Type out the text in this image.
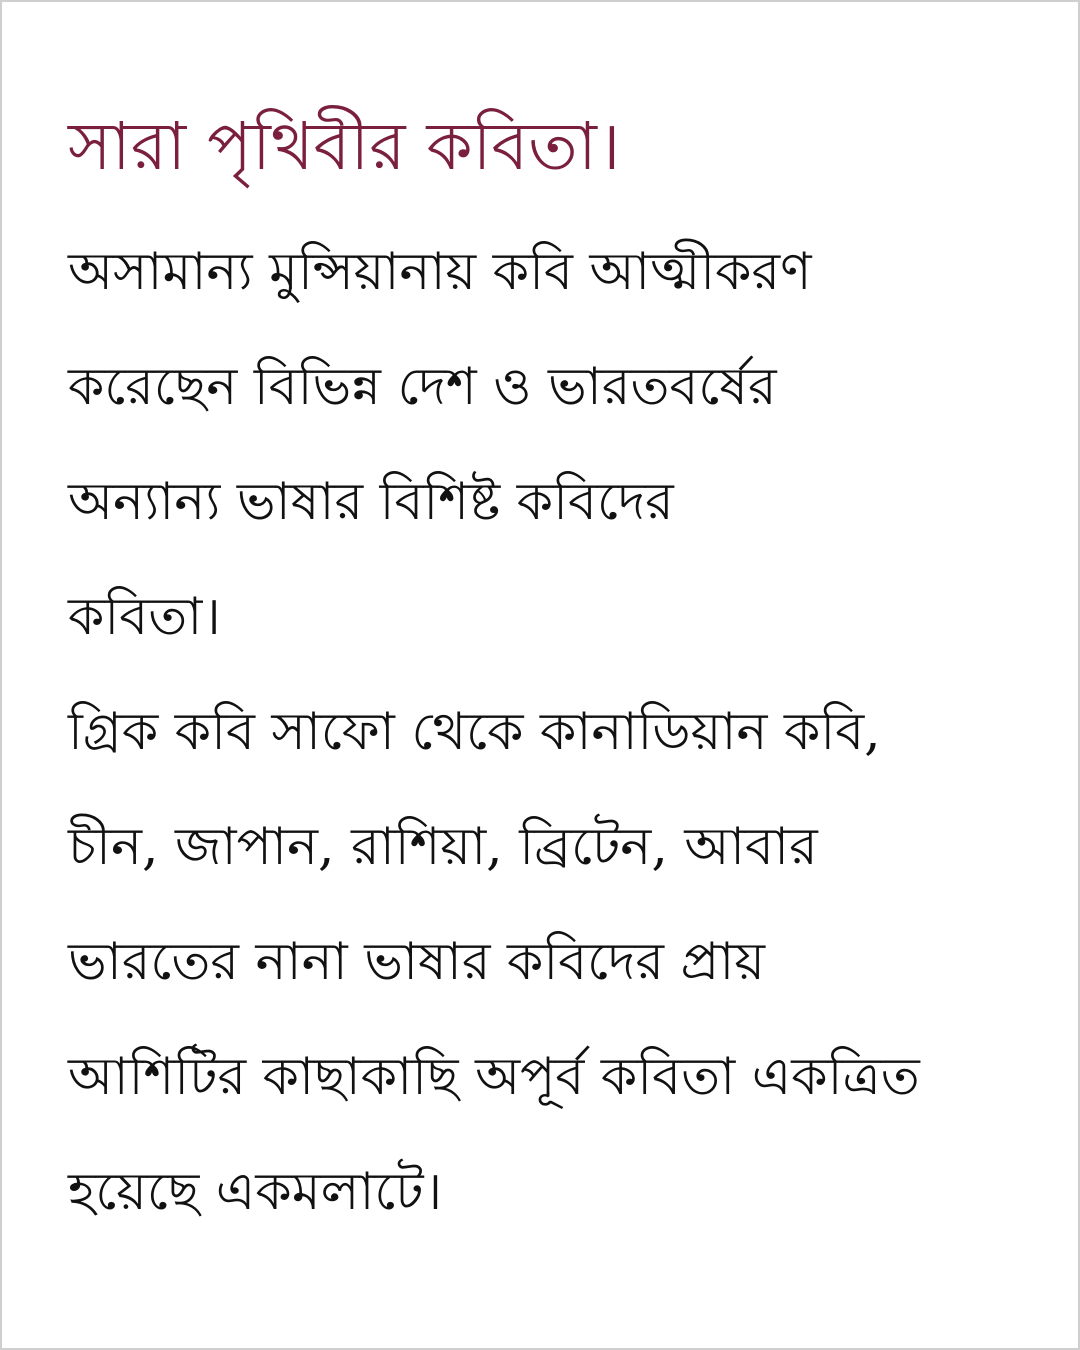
সারা পৃথিবীর কবিতা।
অসামান্য মুন্সিয়ানায় কবি আত্মীকরণ
করেছেন বিভিন্ন দেশ ও ভারতবর্ষের
অন্যান্য ভাষার বিশিষ্ট কবিদের
কবিতা।
গ্রিক কবি সাফো থেকে কানাডিয়ান কবি,
চীন, জাপান, রাশিয়া, ব্রিটেন, আবার
ভারতের নানা ভাষার কবিদের প্রায়
আশিটির কাছাকাছি অপূর্ব কবিতা একত্রিত
হয়েছে একমলাটে।
